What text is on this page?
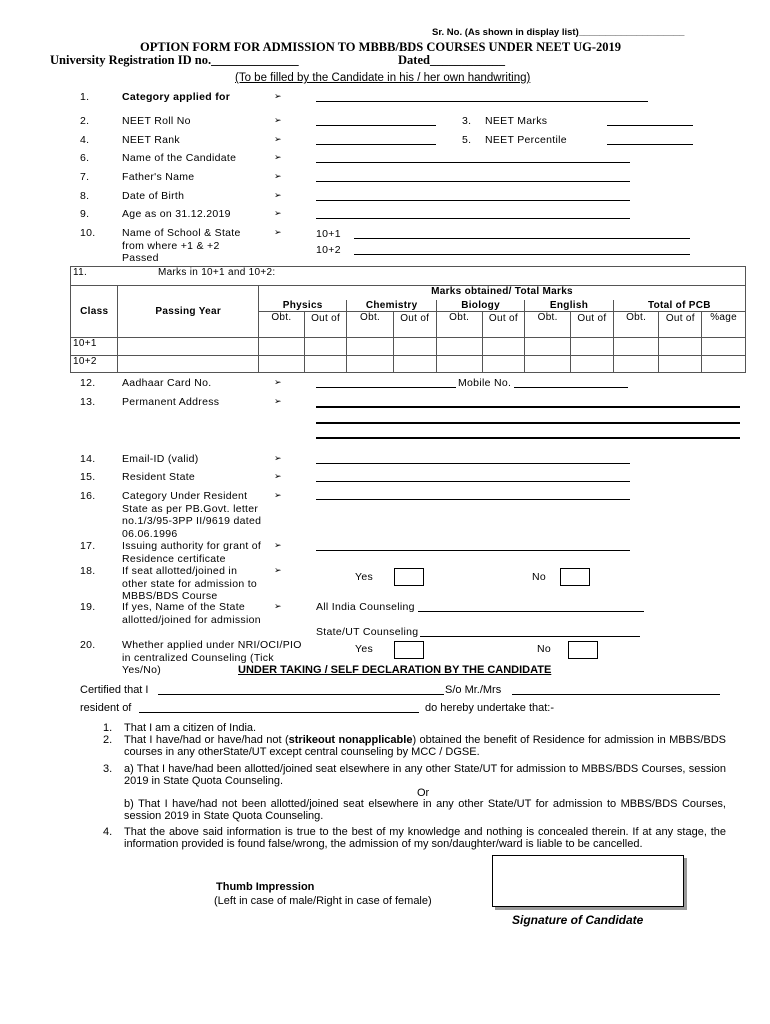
Sr. No. (As shown in display list)____________________
OPTION FORM FOR ADMISSION TO MBBB/BDS COURSES UNDER NEET UG-2019
University Registration ID no.______________	Dated____________
(To be filled by the Candidate in his / her own handwriting)
1.	Category applied for	➢
2.	NEET Roll No	➢	3. NEET Marks
4.	NEET Rank	➢	5. NEET Percentile
6.	Name of the Candidate	➢
7.	Father's Name	➢
8.	Date of Birth	➢
9.	Age as on 31.12.2019	➢
10.	Name of School & State from where +1 & +2 Passed
➢	10+1
10+2
11.	Marks in 10+1 and 10+2:											
Class	Passing Year	Marks obtained/ Total Marks										
		Physics		Chemistry		Biology		English		Total of PCB		
		Obt.	Out of	Obt.	Out of	Obt.	Out of	Obt.	Out of	Obt.	Out of	%age
10+1												
10+2												
12.	Aadhaar Card No.	➢	Mobile No.
13.	Permanent Address	➢
14.	Email-ID (valid)	➢
15.	Resident State	➢
16.	Category Under Resident State as per PB.Govt. letter no.1/3/95-3PP II/9619 dated 06.06.1996
➢
17.	Issuing authority for grant of Residence certificate
➢
18.	If seat allotted/joined in other state for admission to MBBS/BDS Course
➢
Yes	No
19.	If yes, Name of the State allotted/joined for admission
➢	All India Counseling
State/UT Counseling
20.	Whether applied under NRI/OCI/PIO in centralized Counseling (Tick Yes/No)
Yes	No
UNDER TAKING / SELF DECLARATION BY THE CANDIDATE
Certified that I	S/o Mr./Mrs
resident of	do hereby undertake that:-
1. That I am a citizen of India.
2. That I have/had or have/had not (strikeout nonapplicable) obtained the benefit of Residence for admission in MBBS/BDS courses in any otherState/UT except central counseling by MCC / DGSE.
3. a) That I have/had been allotted/joined seat elsewhere in any other State/UT for admission to MBBS/BDS Courses, session 2019 in State Quota Counseling.
Or
b) That I have/had not been allotted/joined seat elsewhere in any other State/UT for admission to MBBS/BDS Courses, session 2019 in State Quota Counseling.
4. That the above said information is true to the best of my knowledge and nothing is concealed therein. If at any stage, the information provided is found false/wrong, the admission of my son/daughter/ward is liable to be cancelled.
Thumb Impression
(Left in case of male/Right in case of female)
Signature of Candidate
